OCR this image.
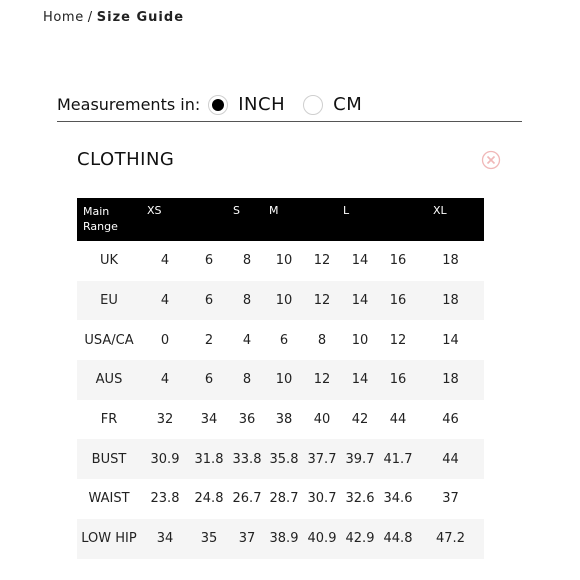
Home / Size Guide
Measurements in: INCH	CM
CLOTHING
Main
Range	XS		S	M		L		XL
UK	4	6	8	10	12	14	16	18
EU	4	6	8	10	12	14	16	18
USA/CA	0	2	4	6	8	10	12	14
AUS	4	6	8	10	12	14	16	18
FR	32	34	36	38	40	42	44	46
BUST	30.9	31.8	33.8	35.8	37.7	39.7	41.7	44
WAIST	23.8	24.8	26.7	28.7	30.7	32.6	34.6	37
LOW HIP	34	35	37	38.9	40.9	42.9	44.8	47.2
